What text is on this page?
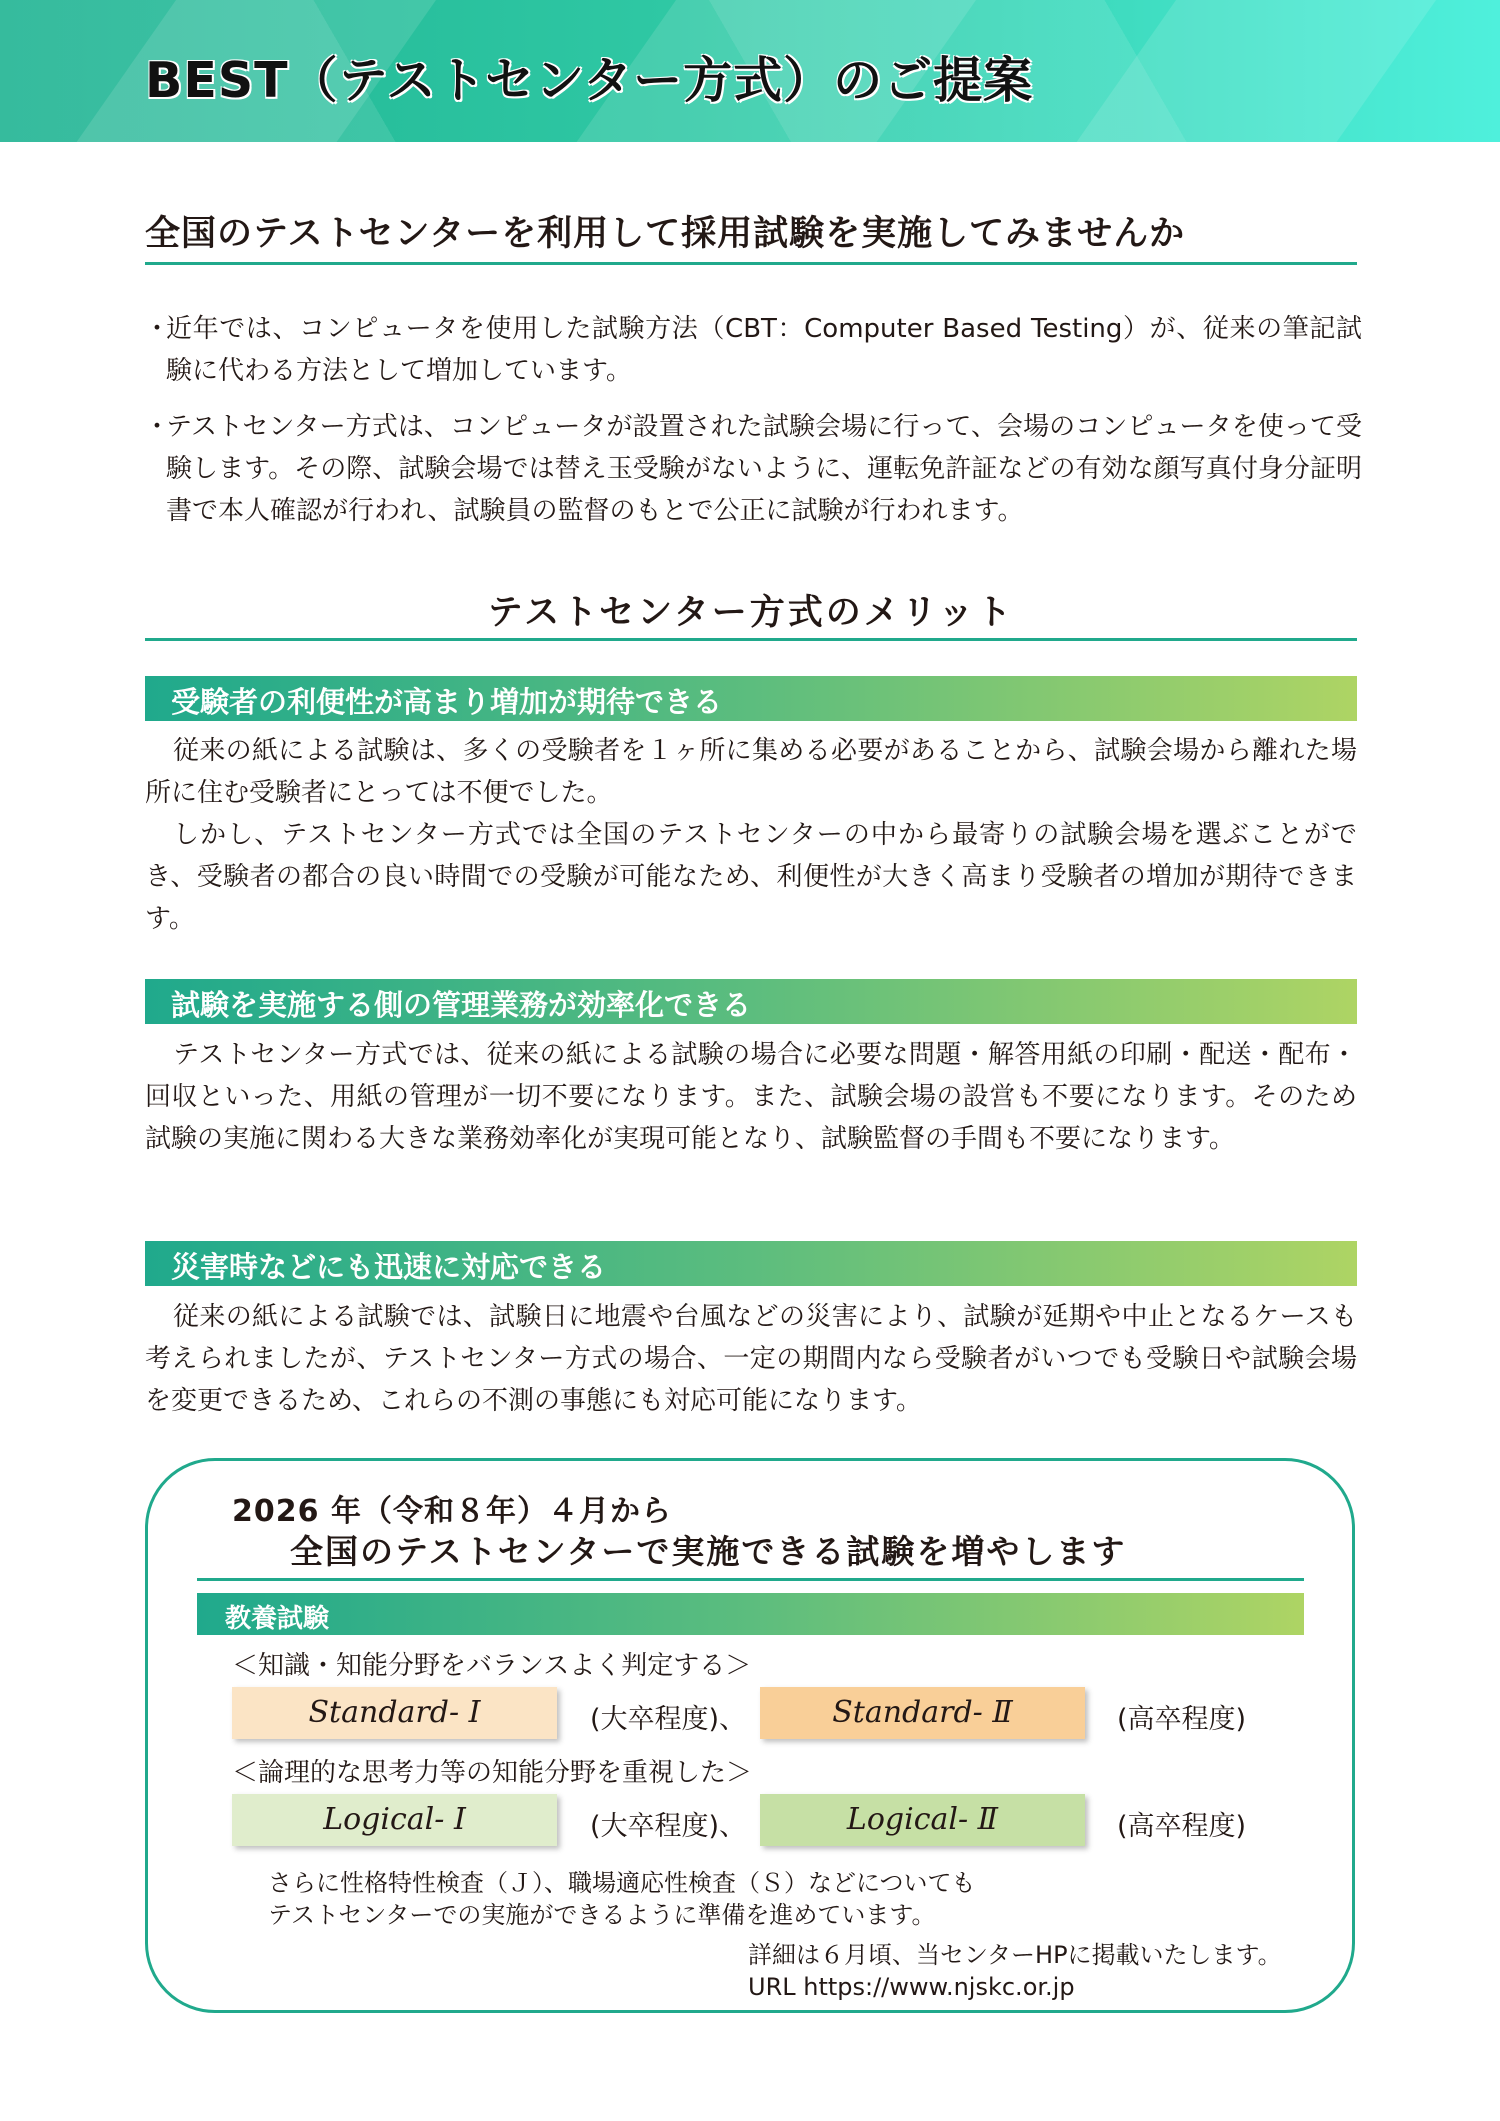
BEST（テストセンター方式）のご提案
全国のテストセンターを利用して採用試験を実施してみませんか
・
近年では、コンピュータを使用した試験方法（CBT：Computer Based Testing）が、従来の筆記試験に代わる方法として増加しています。
・
テストセンター方式は、コンピュータが設置された試験会場に行って、会場のコンピュータを使って受験します。その際、試験会場では替え玉受験がないように、運転免許証などの有効な顔写真付身分証明書で本人確認が行われ、試験員の監督のもとで公正に試験が行われます。
テストセンター方式のメリット
受験者の利便性が高まり増加が期待できる

従来の紙による試験は、多くの受験者を１ヶ所に集める必要があることから、試験会場から離れた場所に住む受験者にとっては不便でした。

しかし、テストセンター方式では全国のテストセンターの中から最寄りの試験会場を選ぶことができ、受験者の都合の良い時間での受験が可能なため、利便性が大きく高まり受験者の増加が期待できます。

試験を実施する側の管理業務が効率化できる

テストセンター方式では、従来の紙による試験の場合に必要な問題・解答用紙の印刷・配送・配布・回収といった、用紙の管理が一切不要になります。また、試験会場の設営も不要になります。そのため試験の実施に関わる大きな業務効率化が実現可能となり、試験監督の手間も不要になります。

災害時などにも迅速に対応できる

従来の紙による試験では、試験日に地震や台風などの災害により、試験が延期や中止となるケースも考えられましたが、テストセンター方式の場合、一定の期間内なら受験者がいつでも受験日や試験会場を変更できるため、これらの不測の事態にも対応可能になります。

2026 年（令和８年）４月から
全国のテストセンターで実施できる試験を増やします
教養試験
＜知識・知能分野をバランスよく判定する＞
Standard- Ⅰ	(大卒程度)、	Standard- Ⅱ	(高卒程度)
＜論理的な思考力等の知能分野を重視した＞
Logical- Ⅰ	(大卒程度)、	Logical- Ⅱ	(高卒程度)
さらに性格特性検査（Ｊ）、職場適応性検査（Ｓ）などについても
テストセンターでの実施ができるように準備を進めています。
詳細は６月頃、当センターHPに掲載いたします。
URL https://www.njskc.or.jp
